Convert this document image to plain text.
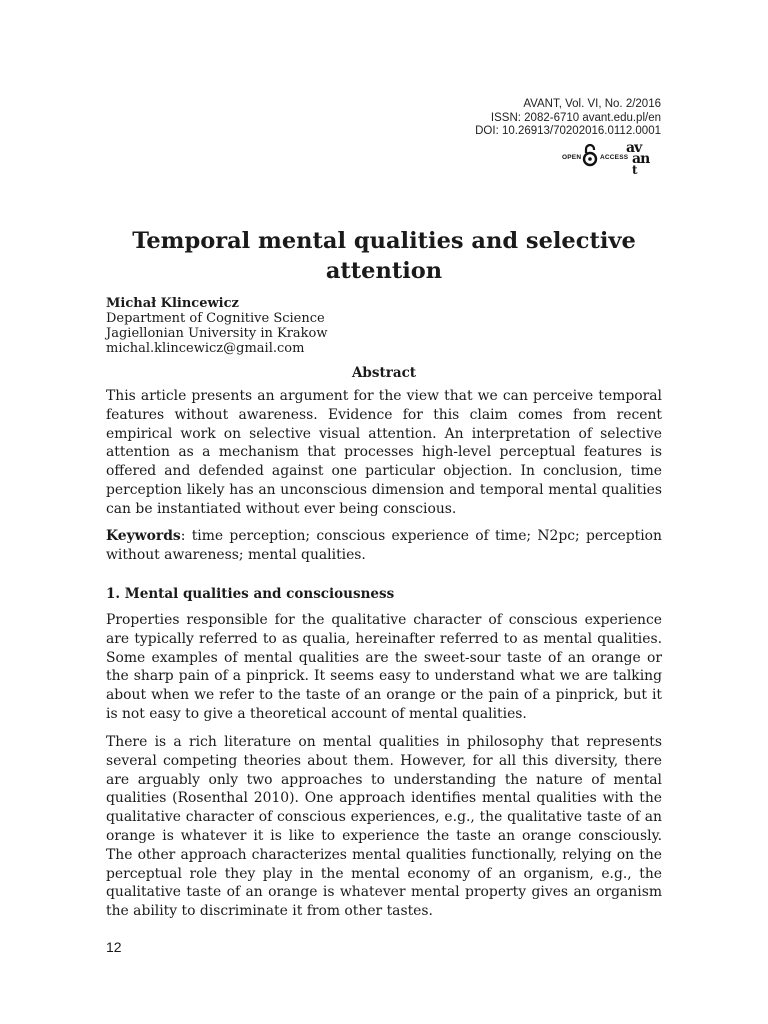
AVANT, Vol. VI, No. 2/2016
ISSN: 2082-6710 avant.edu.pl/en
DOI: 10.26913/70202016.0112.0001
OPEN	ACCESS
av
an
t
Temporal mental qualities and selective attention
Michał Klincewicz
Department of Cognitive Science
Jagiellonian University in Krakow
michal.klincewicz@gmail.com
Abstract

This article presents an argument for the view that we can perceive temporal features without awareness. Evidence for this claim comes from recent empirical work on selective visual attention. An interpretation of selective attention as a mechanism that processes high-level perceptual features is offered and defended against one particular objection. In conclusion, time perception likely has an unconscious dimension and temporal mental qualities can be instantiated without ever being conscious.

Keywords: time perception; conscious experience of time; N2pc; perception without awareness; mental qualities.

1. Mental qualities and consciousness

Properties responsible for the qualitative character of conscious experience are typically referred to as qualia, hereinafter referred to as mental qualities. Some examples of mental qualities are the sweet-sour taste of an orange or the sharp pain of a pinprick. It seems easy to understand what we are talking about when we refer to the taste of an orange or the pain of a pinprick, but it is not easy to give a theoretical account of mental qualities.

There is a rich literature on mental qualities in philosophy that represents several competing theories about them. However, for all this diversity, there are arguably only two approaches to understanding the nature of mental qualities (Rosenthal 2010). One approach identifies mental qualities with the qualitative character of conscious experiences, e.g., the qualitative taste of an orange is whatever it is like to experience the taste an orange consciously. The other approach characterizes mental qualities functionally, relying on the perceptual role they play in the mental economy of an organism, e.g., the qualitative taste of an orange is whatever mental property gives an organism the ability to discriminate it from other tastes.

12
